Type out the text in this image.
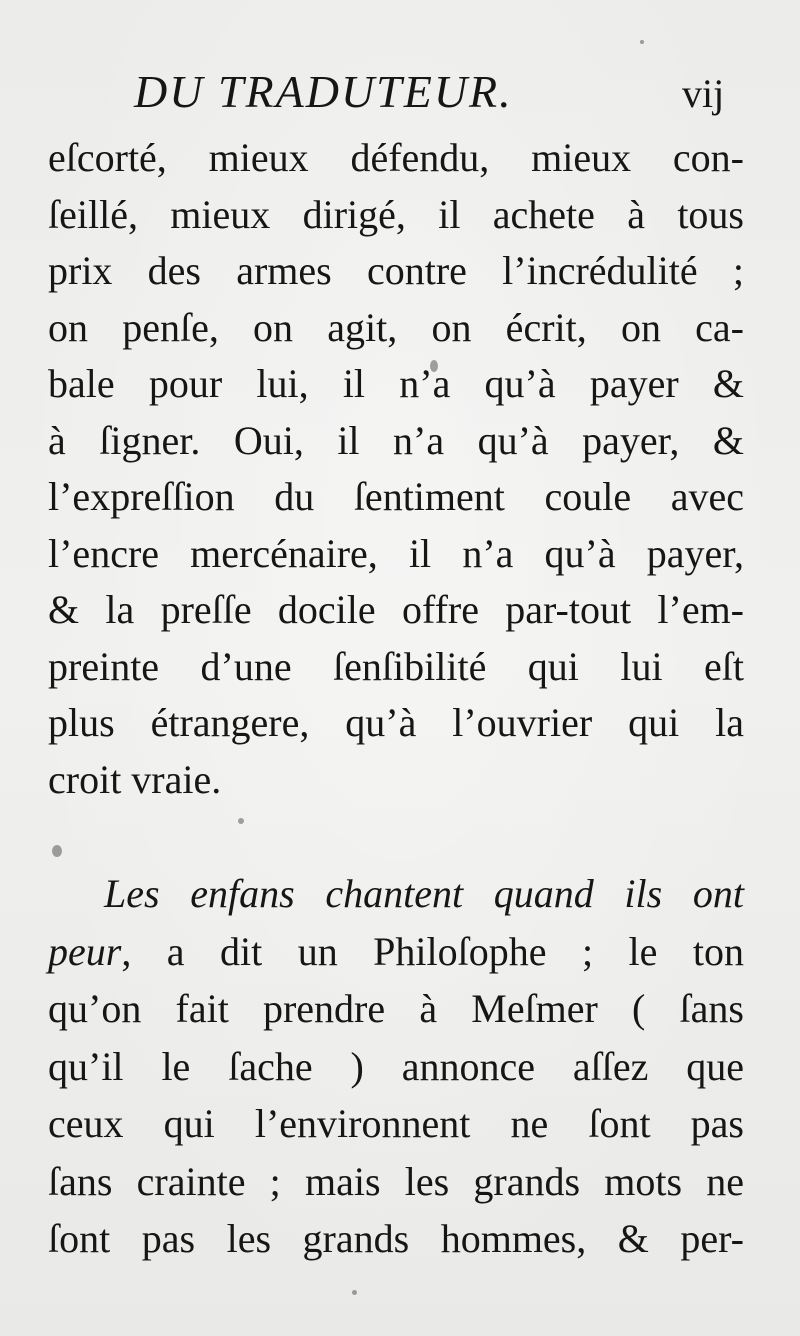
DU TRADUTEUR.	vij
eſcorté, mieux défendu, mieux con-
ſeillé, mieux dirigé, il achete à tous
prix des armes contre l’incrédulité ;
on penſe, on agit, on écrit, on ca-
bale pour lui, il n’a qu’à payer &
à ſigner. Oui, il n’a qu’à payer, &
l’expreſſion du ſentiment coule avec
l’encre mercénaire, il n’a qu’à payer,
& la preſſe docile offre par-tout l’em-
preinte d’une ſenſibilité qui lui eſt
plus étrangere, qu’à l’ouvrier qui la
croit vraie.
Les enfans chantent quand ils ont
peur, a dit un Philoſophe ; le ton
qu’on fait prendre à Meſmer ( ſans
qu’il le ſache ) annonce aſſez que
ceux qui l’environnent ne ſont pas
ſans crainte ; mais les grands mots ne
ſont pas les grands hommes, & per-
